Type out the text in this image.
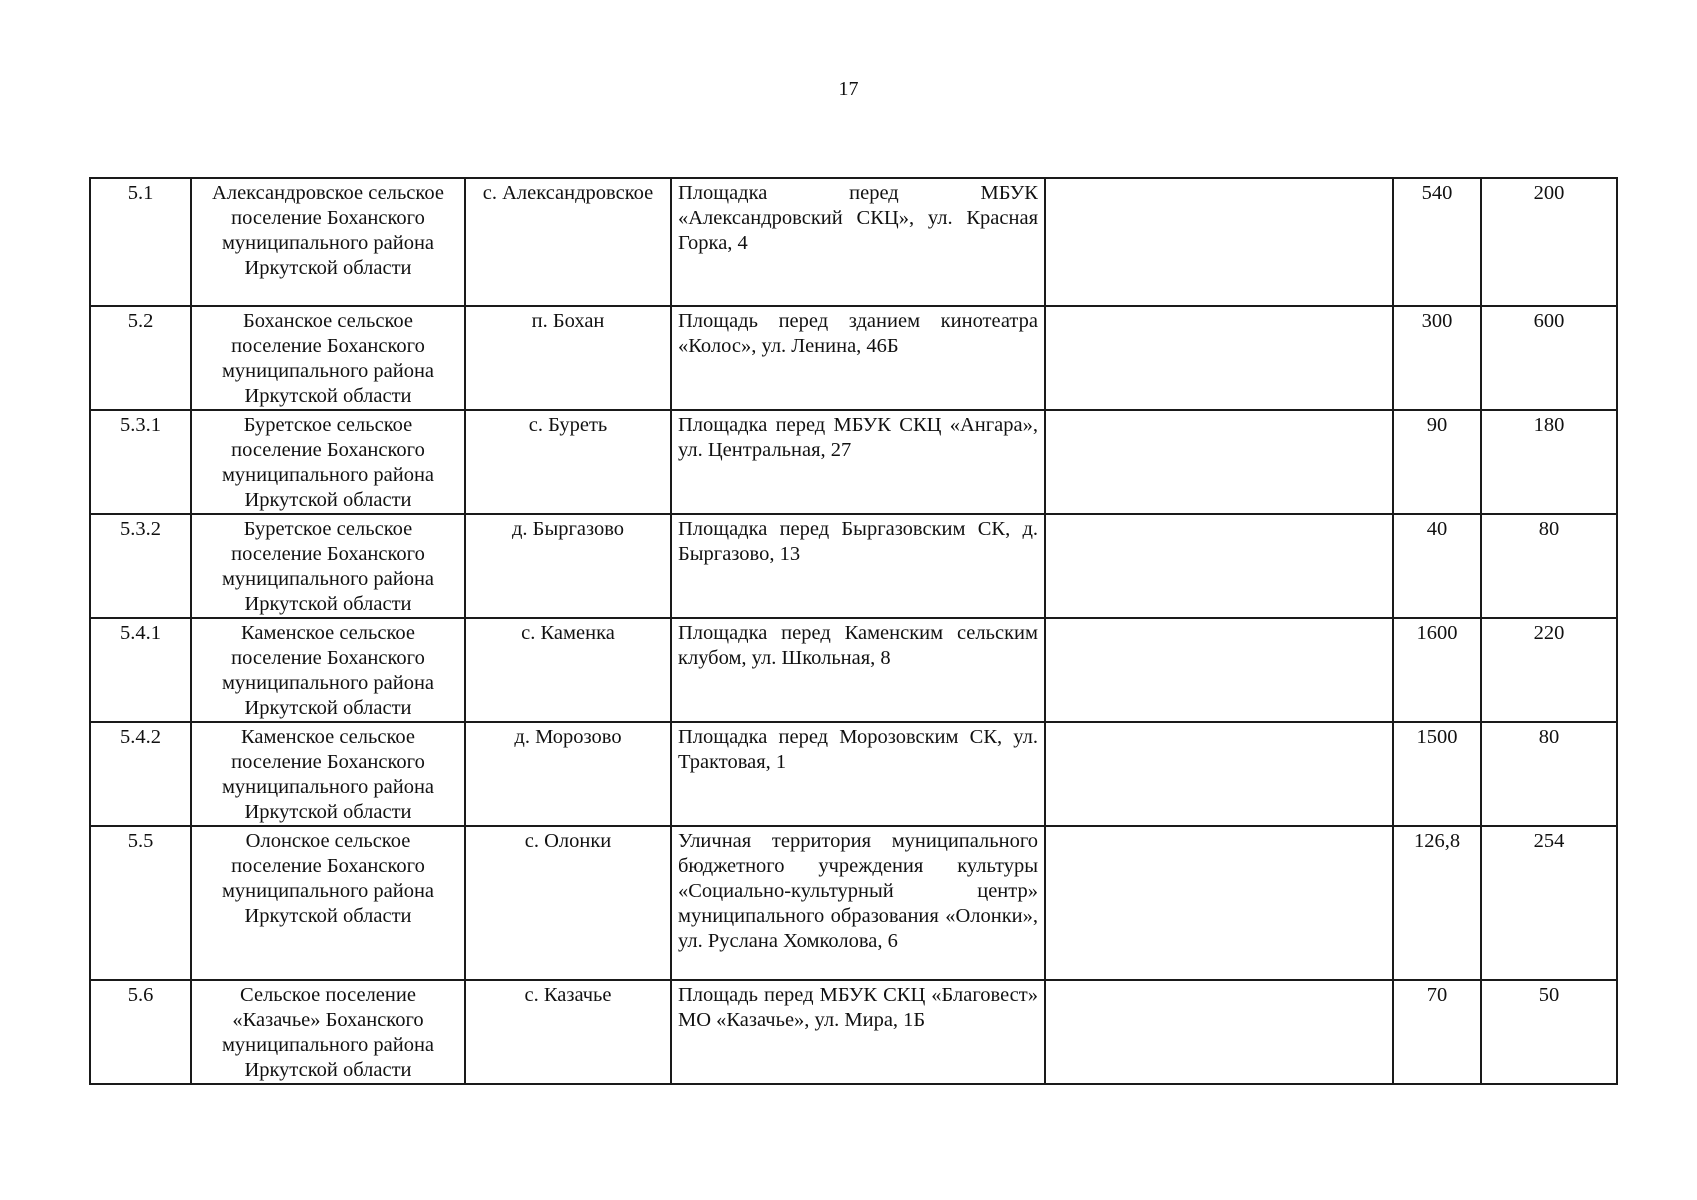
17
5.1	Александровское сельское поселение Боханского муниципального района Иркутской области	с. Александровское	Площадка перед МБУК «Александровский СКЦ», ул. Красная Горка, 4		540	200
5.2	Боханское сельское поселение Боханского муниципального района Иркутской области	п. Бохан	Площадь перед зданием кинотеатра «Колос», ул. Ленина, 46Б		300	600
5.3.1	Буретское сельское поселение Боханского муниципального района Иркутской области	с. Буреть	Площадка перед МБУК СКЦ «Ангара», ул. Центральная, 27		90	180
5.3.2	Буретское сельское поселение Боханского муниципального района Иркутской области	д. Быргазово	Площадка перед Быргазовским СК, д. Быргазово, 13		40	80
5.4.1	Каменское сельское поселение Боханского муниципального района Иркутской области	с. Каменка	Площадка перед Каменским сельским клубом, ул. Школьная, 8		1600	220
5.4.2	Каменское сельское поселение Боханского муниципального района Иркутской области	д. Морозово	Площадка перед Морозовским СК, ул. Трактовая, 1		1500	80
5.5	Олонское сельское поселение Боханского муниципального района Иркутской области	с. Олонки	Уличная территория муниципального бюджетного учреждения культуры «Социально-культурный центр» муниципального образования «Олонки», ул. Руслана Хомколова, 6		126,8	254
5.6	Сельское поселение «Казачье» Боханского муниципального района Иркутской области	с. Казачье	Площадь перед МБУК СКЦ «Благовест» МО «Казачье», ул. Мира, 1Б		70	50
